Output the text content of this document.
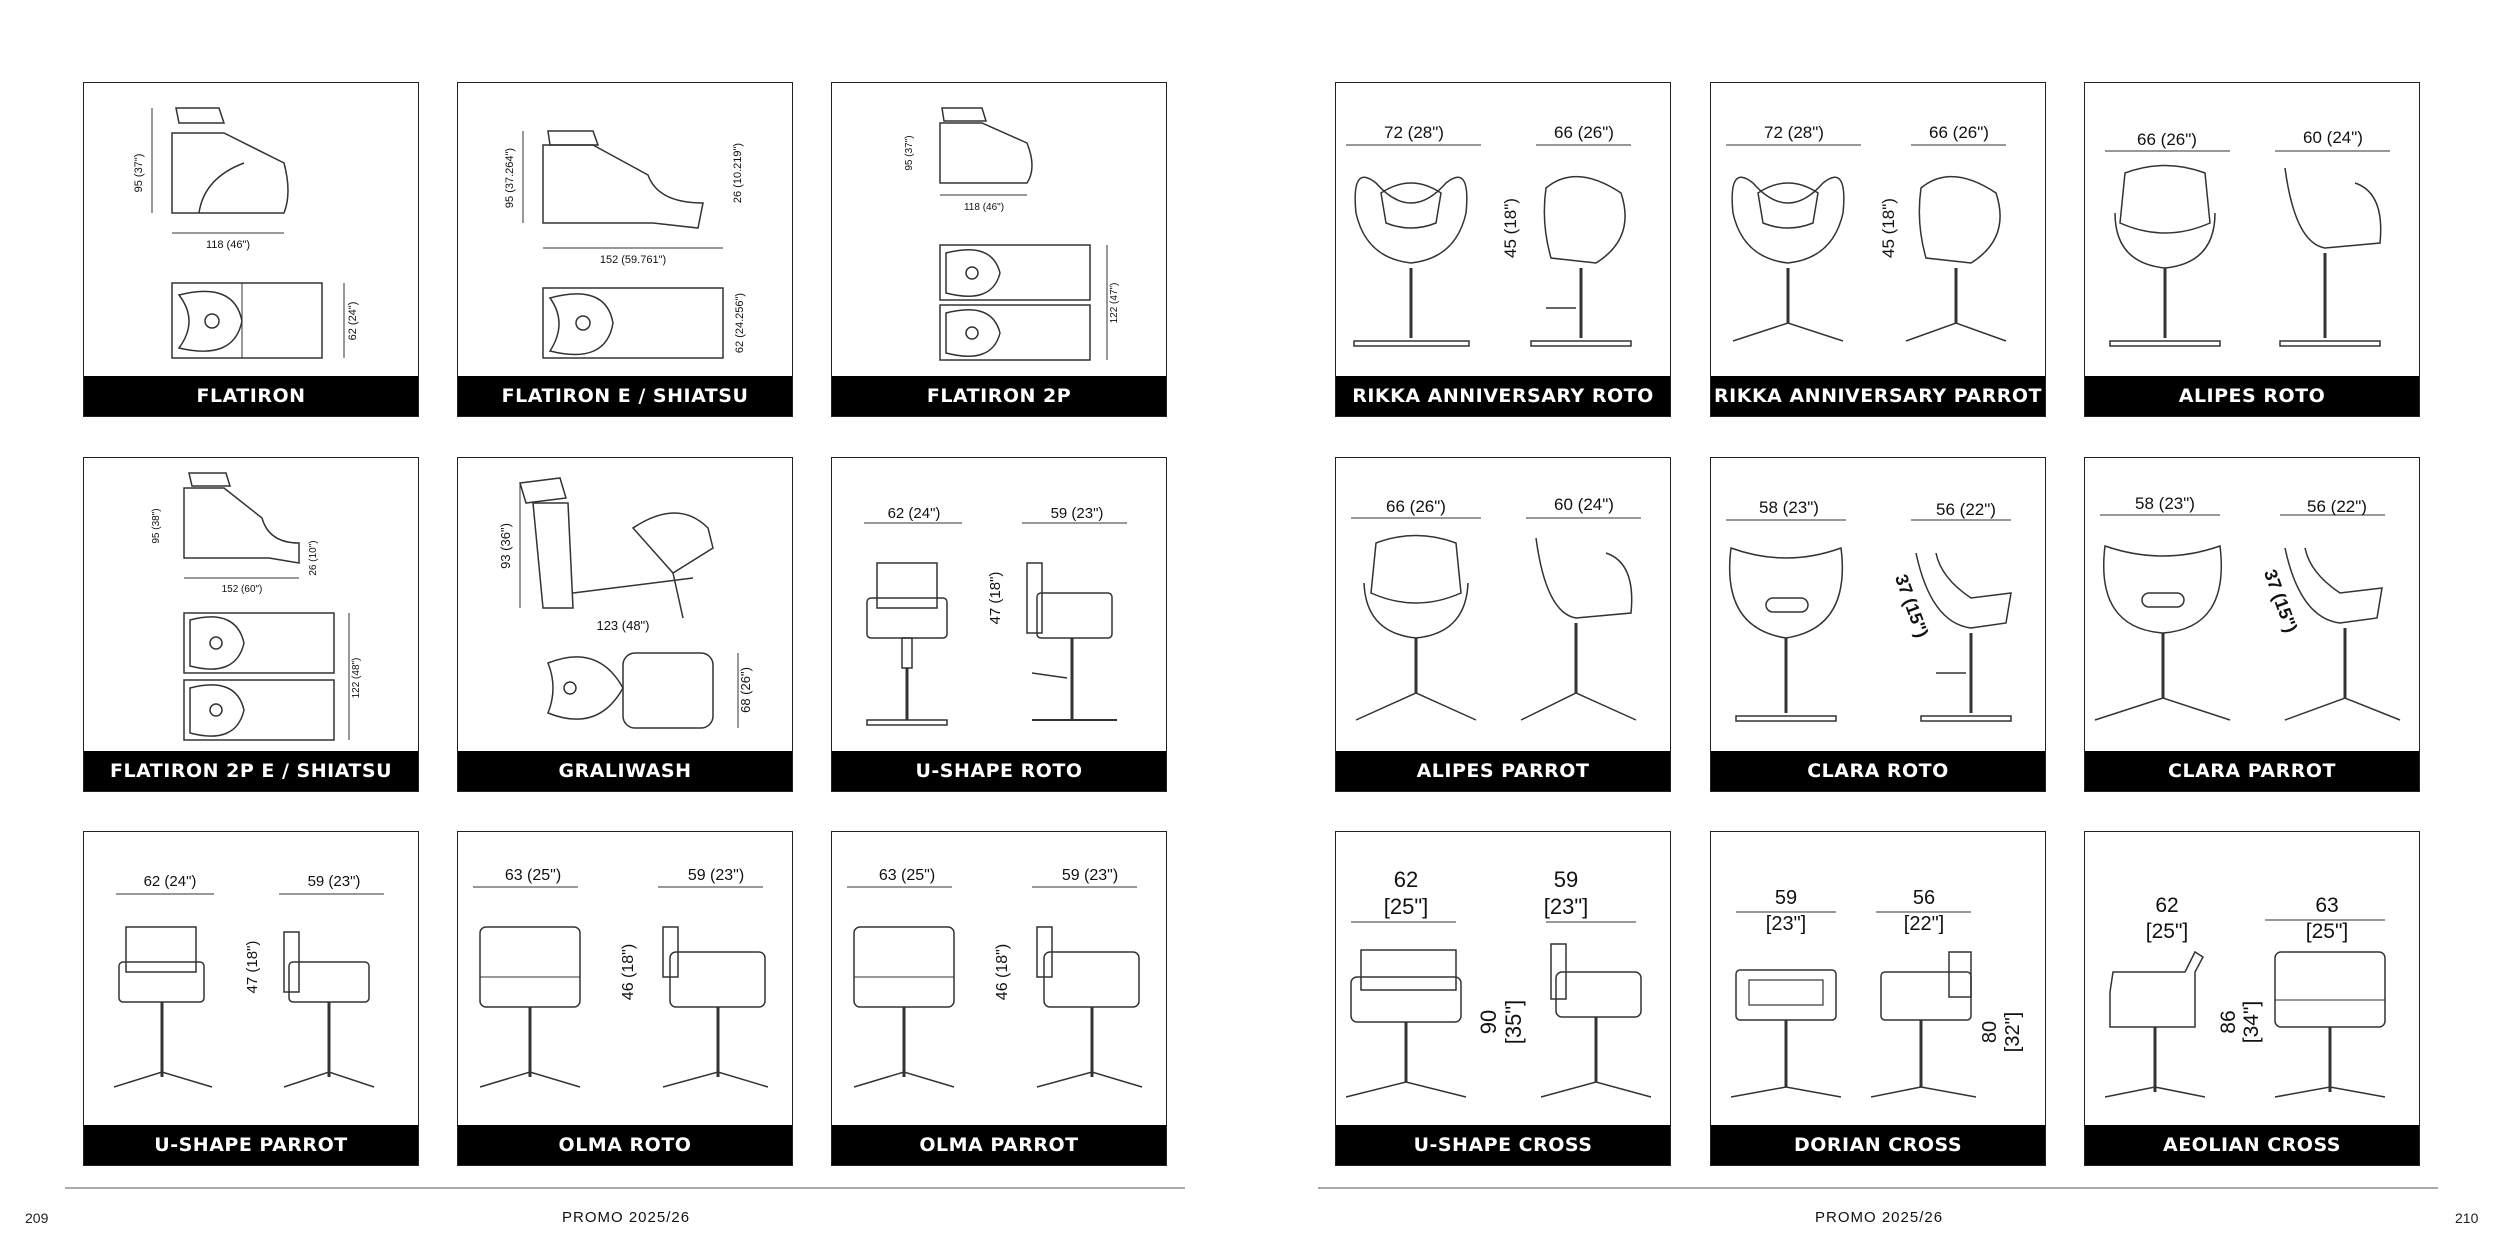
95 (37")
118 (46")
62 (24")
FLATIRON
95 (37.264")	26 (10.219")
152 (59.761")
62 (24.256")
FLATIRON E / SHIATSU
95 (37")
118 (46")
122 (47")
FLATIRON 2P
95 (38")
26 (10")
152 (60")
122 (48")
FLATIRON 2P E / SHIATSU
93 (36")
123 (48")
68 (26")
GRALIWASH
62 (24")	59 (23")
47 (18")
U-SHAPE ROTO
62 (24")	59 (23")
47 (18")
U-SHAPE PARROT
63 (25")	59 (23")
46 (18")
OLMA ROTO
63 (25")	59 (23")
46 (18")
OLMA PARROT
72 (28")	66 (26")
45 (18")
RIKKA ANNIVERSARY ROTO
72 (28")	66 (26")
45 (18")
RIKKA ANNIVERSARY PARROT
66 (26")	60 (24")
ALIPES ROTO
66 (26")	60 (24")
ALIPES PARROT
58 (23")	56 (22")
37 (15")
CLARA ROTO
58 (23")	56 (22")
37 (15")
CLARA PARROT
62
[25"]
59
[23"]
90 [35"]
U-SHAPE CROSS
59
[23"]
56
[22"]
80 [32"]
DORIAN CROSS
62
[25"]
63
[25"]
86 [34"]
AEOLIAN CROSS
209	PROMO 2025/26	PROMO 2025/26	210
